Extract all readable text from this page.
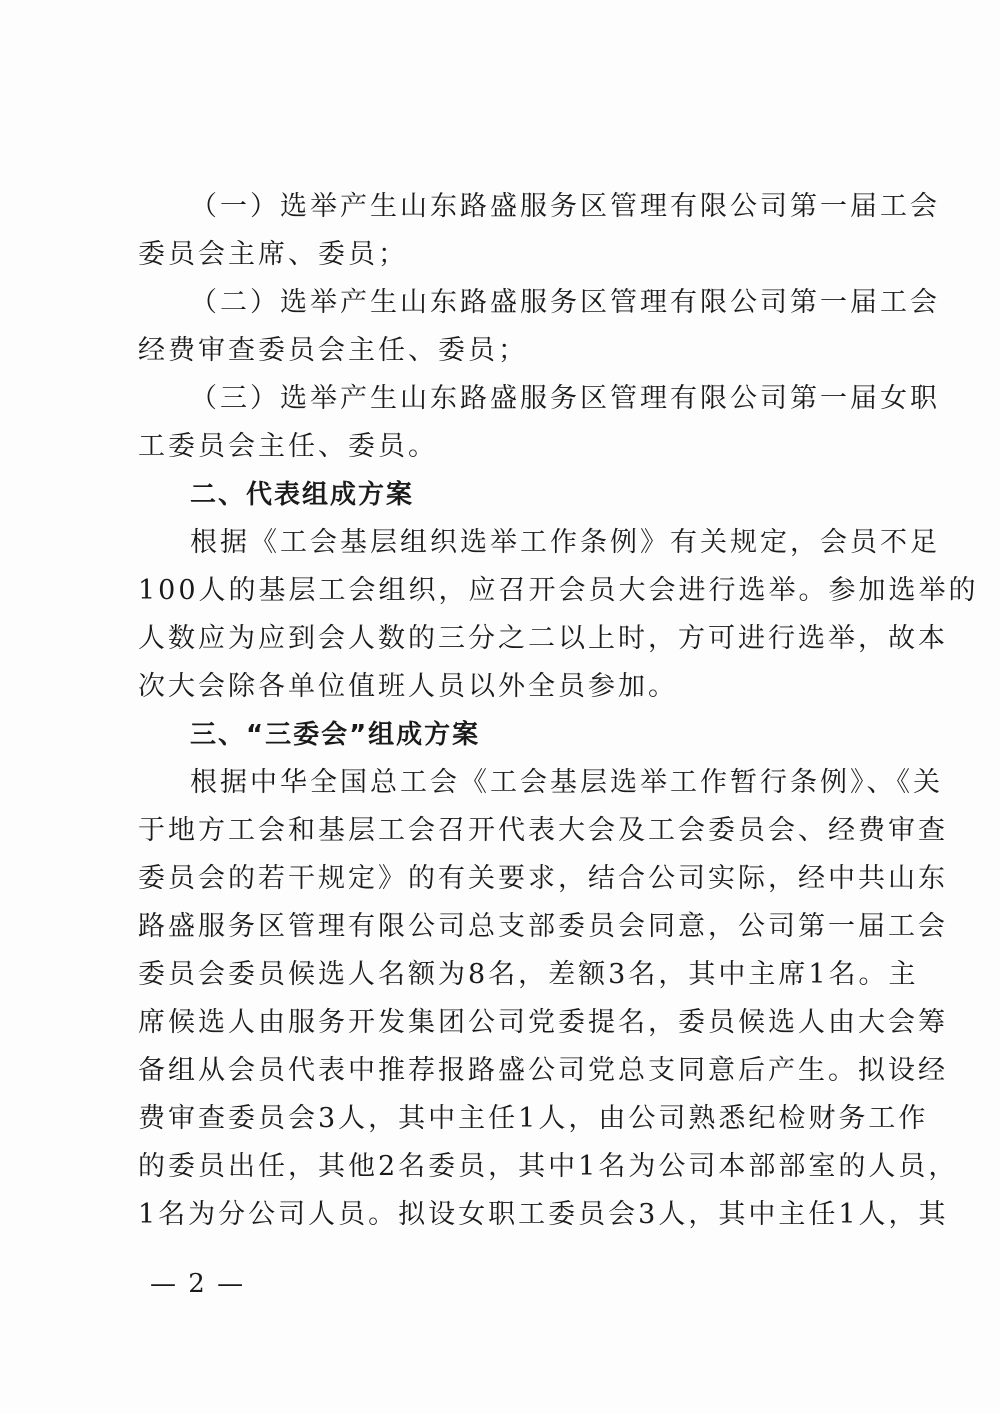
（一）选举产生山东路盛服务区管理有限公司第一届工会
委员会主席、委员；
（二）选举产生山东路盛服务区管理有限公司第一届工会
经费审查委员会主任、委员；
（三）选举产生山东路盛服务区管理有限公司第一届女职
工委员会主任、委员。
二、代表组成方案
根据《工会基层组织选举工作条例》有关规定，会员不足
100人的基层工会组织，应召开会员大会进行选举。参加选举的
人数应为应到会人数的三分之二以上时，方可进行选举，故本
次大会除各单位值班人员以外全员参加。
三、“三委会”组成方案
根据中华全国总工会《工会基层选举工作暂行条例》、《关
于地方工会和基层工会召开代表大会及工会委员会、经费审查
委员会的若干规定》的有关要求，结合公司实际，经中共山东
路盛服务区管理有限公司总支部委员会同意，公司第一届工会
委员会委员候选人名额为8名，差额3名，其中主席1名。主
席候选人由服务开发集团公司党委提名，委员候选人由大会筹
备组从会员代表中推荐报路盛公司党总支同意后产生。拟设经
费审查委员会3人，其中主任1人，由公司熟悉纪检财务工作
的委员出任，其他2名委员，其中1名为公司本部部室的人员，
1名为分公司人员。拟设女职工委员会3人，其中主任1人，其
— 2 —
